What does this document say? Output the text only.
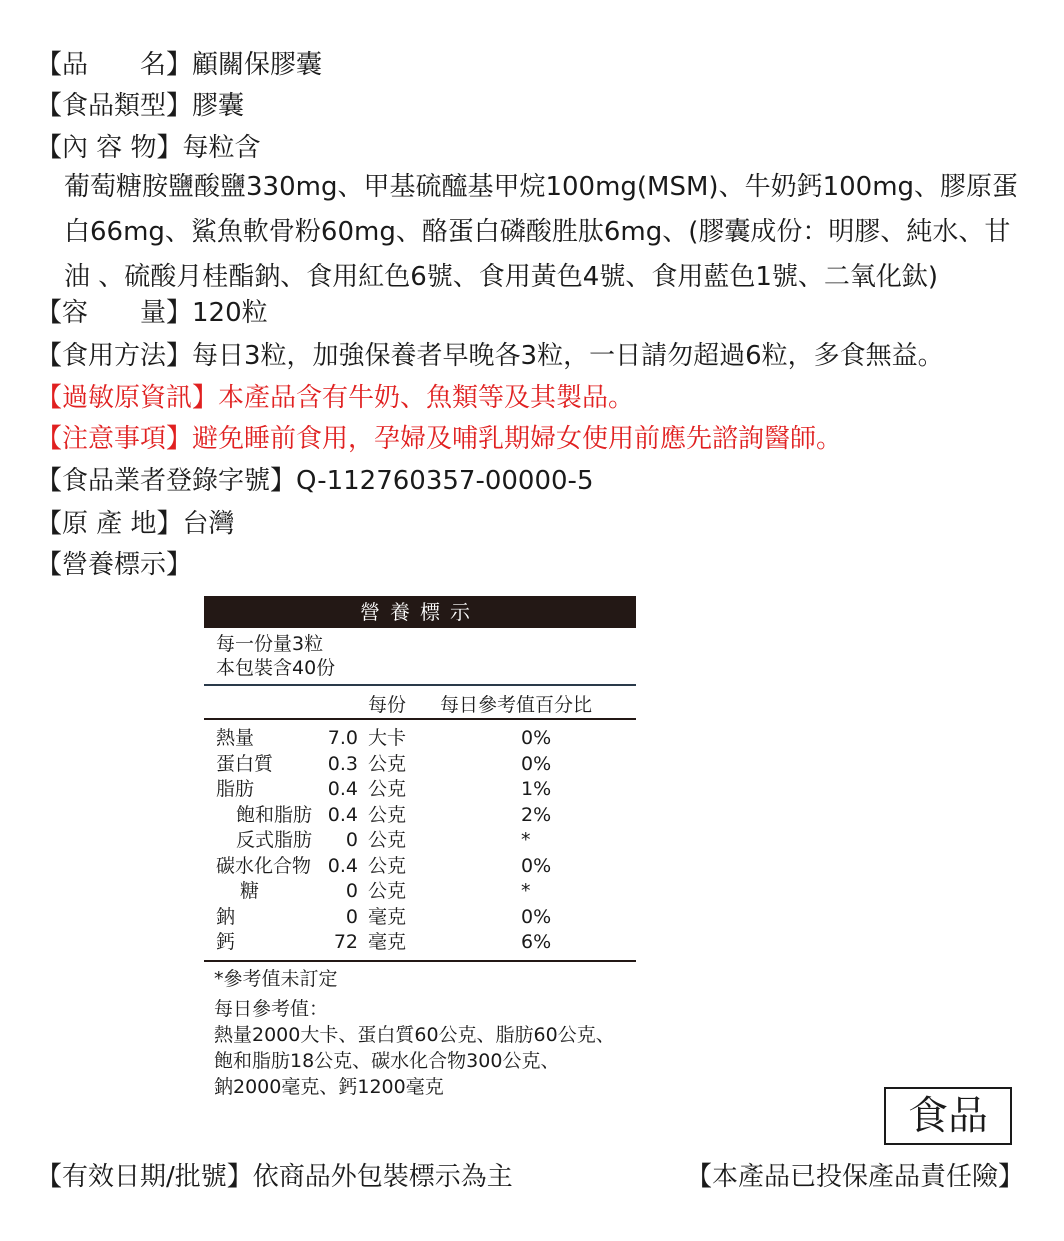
【品　　名】顧關保膠囊
【食品類型】膠囊
【內 容 物】每粒含
葡萄糖胺鹽酸鹽330mg、甲基硫醯基甲烷100mg(MSM)、牛奶鈣100mg、膠原蛋白66mg、鯊魚軟骨粉60mg、酪蛋白磷酸胜肽6mg、(膠囊成份：明膠、純水、甘油 、硫酸月桂酯鈉、食用紅色6號、食用黃色4號、食用藍色1號、二氧化鈦)
【容　　量】120粒
【食用方法】每日3粒，加強保養者早晚各3粒，一日請勿超過6粒，多食無益。
【過敏原資訊】本產品含有牛奶、魚類等及其製品。
【注意事項】避免睡前食用，孕婦及哺乳期婦女使用前應先諮詢醫師。
【食品業者登錄字號】Q-112760357-00000-5
【原 產 地】台灣
【營養標示】
營養標示
每一份量3粒
本包裝含40份
每份 每日參考值百分比
熱量	7.0 大卡	0%
蛋白質	0.3 公克	0%
脂肪	0.4 公克	1%
飽和脂肪 0.4 公克	2%
反式脂肪 0 公克	*
碳水化合物 0.4 公克	0%
糖	0 公克	*
鈉	0 毫克	0%
鈣	72 毫克	6%
*參考值未訂定
每日參考值：
熱量2000大卡、蛋白質60公克、脂肪60公克、
飽和脂肪18公克、碳水化合物300公克、
鈉2000毫克、鈣1200毫克
食品
【有效日期/批號】依商品外包裝標示為主	【本產品已投保產品責任險】
